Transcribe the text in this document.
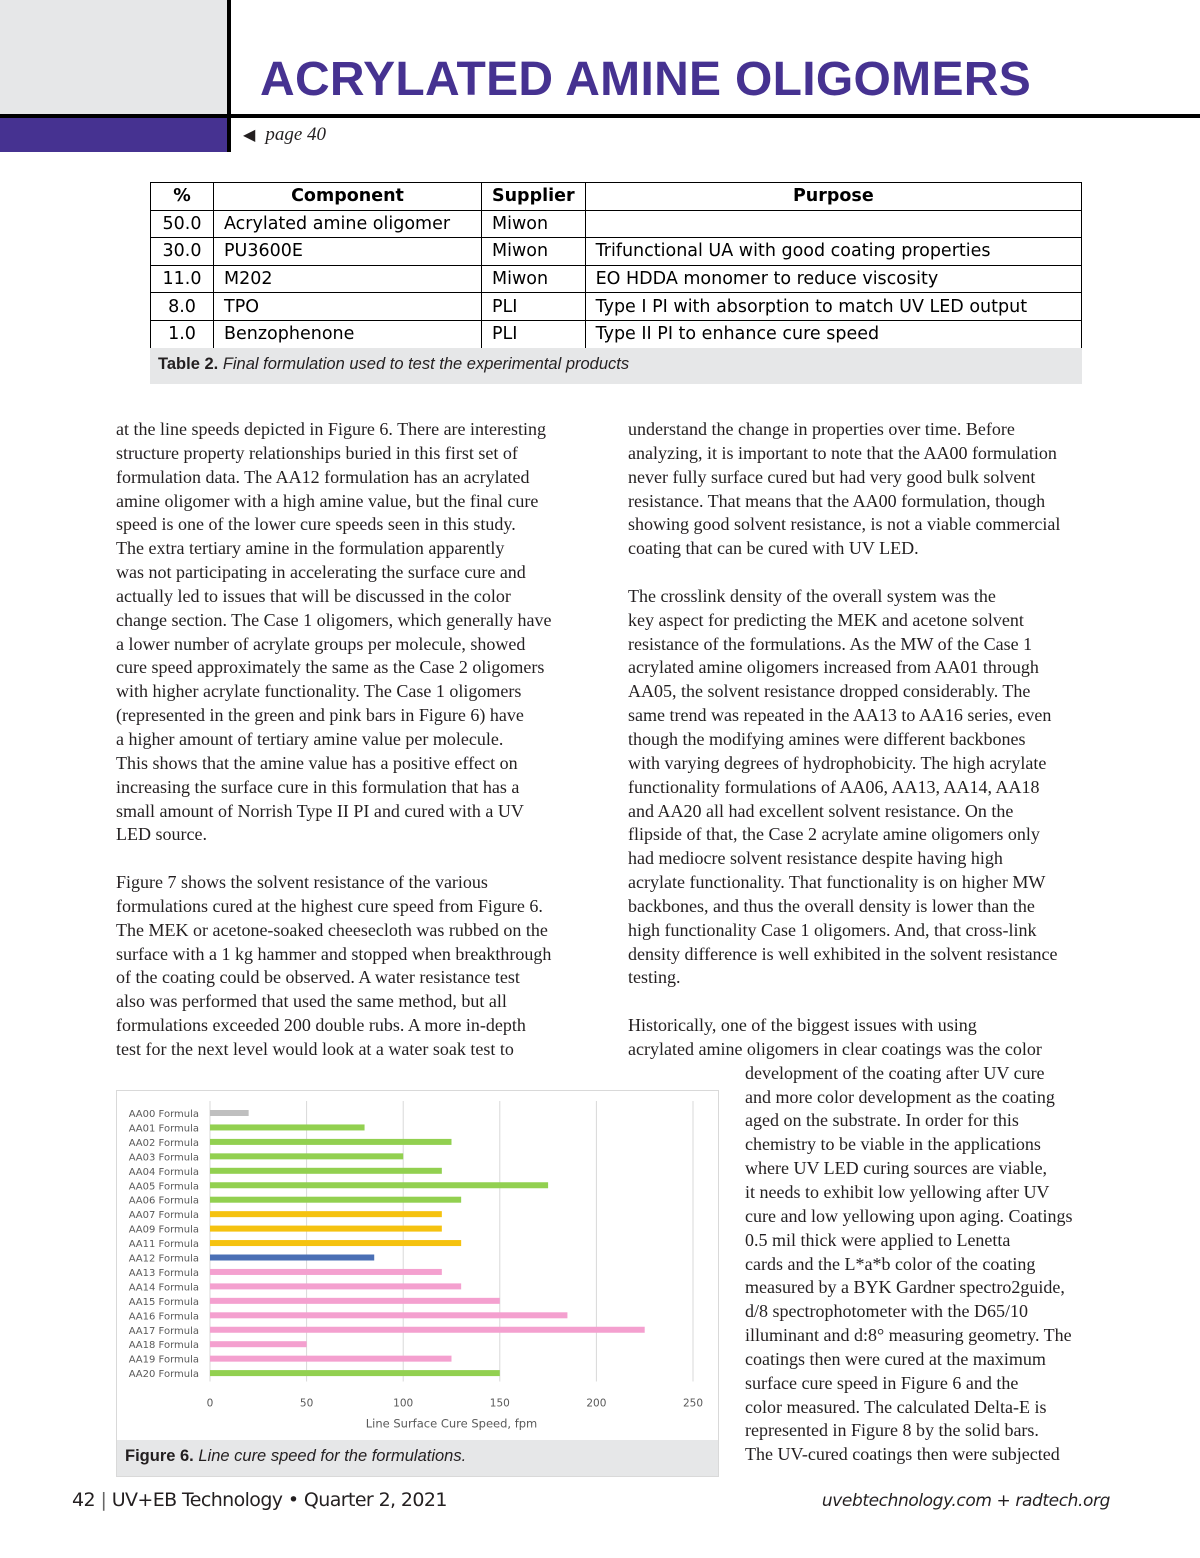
ACRYLATED AMINE OLIGOMERS
◀ page 40
%	Component	Supplier	Purpose
50.0	Acrylated amine oligomer	Miwon	
30.0	PU3600E	Miwon	Trifunctional UA with good coating properties
11.0	M202	Miwon	EO HDDA monomer to reduce viscosity
8.0	TPO	PLI	Type I PI with absorption to match UV LED output
1.0	Benzophenone	PLI	Type II PI to enhance cure speed
Table 2. Final formulation used to test the experimental products
at the line speeds depicted in Figure 6. There are interesting
structure property relationships buried in this first set of
formulation data. The AA12 formulation has an acrylated
amine oligomer with a high amine value, but the final cure
speed is one of the lower cure speeds seen in this study.
The extra tertiary amine in the formulation apparently
was not participating in accelerating the surface cure and
actually led to issues that will be discussed in the color
change section. The Case 1 oligomers, which generally have
a lower number of acrylate groups per molecule, showed
cure speed approximately the same as the Case 2 oligomers
with higher acrylate functionality. The Case 1 oligomers
(represented in the green and pink bars in Figure 6) have
a higher amount of tertiary amine value per molecule.
This shows that the amine value has a positive effect on
increasing the surface cure in this formulation that has a
small amount of Norrish Type II PI and cured with a UV
LED source.
Figure 7 shows the solvent resistance of the various
formulations cured at the highest cure speed from Figure 6.
The MEK or acetone-soaked cheesecloth was rubbed on the
surface with a 1 kg hammer and stopped when breakthrough
of the coating could be observed. A water resistance test
also was performed that used the same method, but all
formulations exceeded 200 double rubs. A more in-depth
test for the next level would look at a water soak test to
understand the change in properties over time. Before
analyzing, it is important to note that the AA00 formulation
never fully surface cured but had very good bulk solvent
resistance. That means that the AA00 formulation, though
showing good solvent resistance, is not a viable commercial
coating that can be cured with UV LED.
The crosslink density of the overall system was the
key aspect for predicting the MEK and acetone solvent
resistance of the formulations. As the MW of the Case 1
acrylated amine oligomers increased from AA01 through
AA05, the solvent resistance dropped considerably. The
same trend was repeated in the AA13 to AA16 series, even
though the modifying amines were different backbones
with varying degrees of hydrophobicity. The high acrylate
functionality formulations of AA06, AA13, AA14, AA18
and AA20 all had excellent solvent resistance. On the
flipside of that, the Case 2 acrylate amine oligomers only
had mediocre solvent resistance despite having high
acrylate functionality. That functionality is on higher MW
backbones, and thus the overall density is lower than the
high functionality Case 1 oligomers. And, that cross-link
density difference is well exhibited in the solvent resistance
testing.
Historically, one of the biggest issues with using
acrylated amine oligomers in clear coatings was the color
development of the coating after UV cure
and more color development as the coating
aged on the substrate. In order for this
chemistry to be viable in the applications
where UV LED curing sources are viable,
it needs to exhibit low yellowing after UV
cure and low yellowing upon aging. Coatings
0.5 mil thick were applied to Lenetta
cards and the L*a*b color of the coating
measured by a BYK Gardner spectro2guide,
d/8 spectrophotometer with the D65/10
illuminant and d:8° measuring geometry. The
coatings then were cured at the maximum
surface cure speed in Figure 6 and the
color measured. The calculated Delta-E is
represented in Figure 8 by the solid bars.
The UV-cured coatings then were subjected
0	50	100	150	200	250
AA00 Formula
AA01 Formula
AA02 Formula
AA03 Formula
AA04 Formula
AA05 Formula
AA06 Formula
AA07 Formula
AA09 Formula
AA11 Formula
AA12 Formula
AA13 Formula
AA14 Formula
AA15 Formula
AA16 Formula
AA17 Formula
AA18 Formula
AA19 Formula
AA20 Formula
Line Surface Cure Speed, fpm
Figure 6. Line cure speed for the formulations.
42 | UV+EB Technology • Quarter 2, 2021	uvebtechnology.com + radtech.org
